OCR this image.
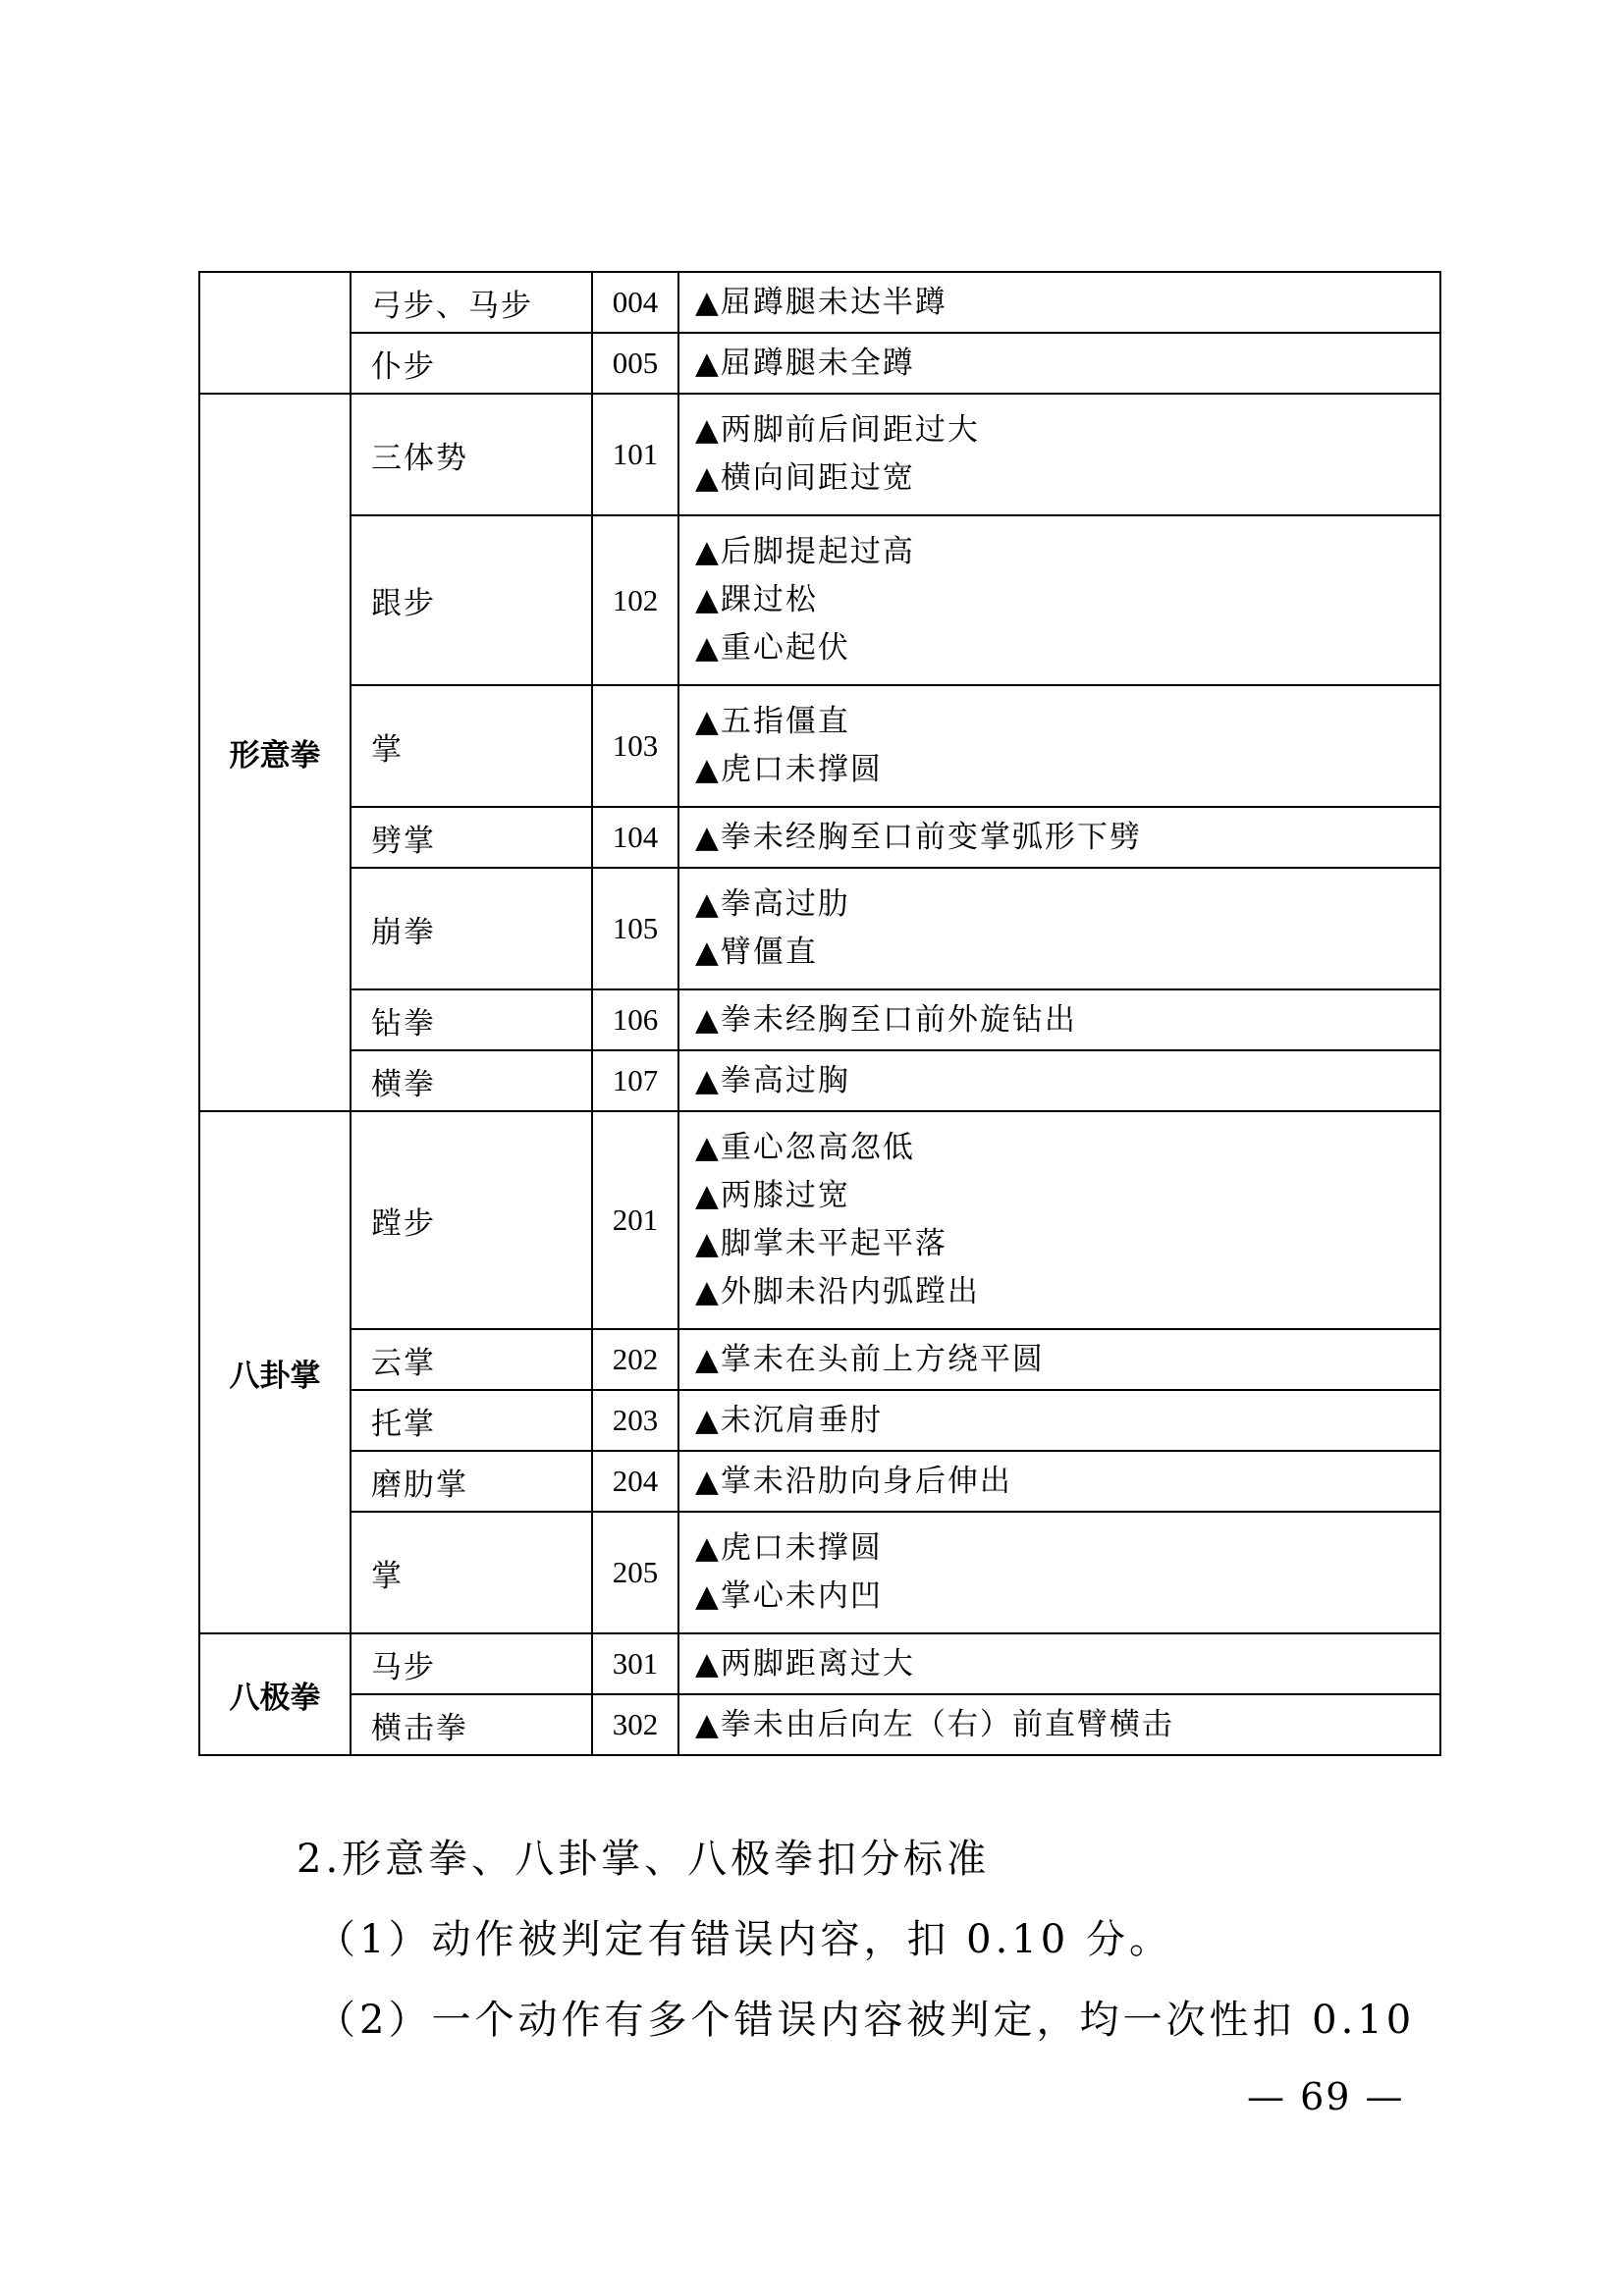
	弓步、马步	004	▲屈蹲腿未达半蹲

	仆步	005	▲屈蹲腿未全蹲

形意拳	三体势	101	▲两脚前后间距过大
▲横向间距过宽

	跟步	102	▲后脚提起过高
▲踝过松
▲重心起伏

	掌	103	▲五指僵直
▲虎口未撑圆

	劈掌	104	▲拳未经胸至口前变掌弧形下劈

	崩拳	105	▲拳高过肋
▲臂僵直

	钻拳	106	▲拳未经胸至口前外旋钻出

	横拳	107	▲拳高过胸

八卦掌	蹚步	201	▲重心忽高忽低
▲两膝过宽
▲脚掌未平起平落
▲外脚未沿内弧蹚出

	云掌	202	▲掌未在头前上方绕平圆

	托掌	203	▲未沉肩垂肘

	磨肋掌	204	▲掌未沿肋向身后伸出

	掌	205	▲虎口未撑圆
▲掌心未内凹

八极拳	马步	301	▲两脚距离过大

	横击拳	302	▲拳未由后向左（右）前直臂横击
2.形意拳、八卦掌、八极拳扣分标准
（1）动作被判定有错误内容，扣 0.10 分。
（2）一个动作有多个错误内容被判定，均一次性扣 0.10
— 69 —
